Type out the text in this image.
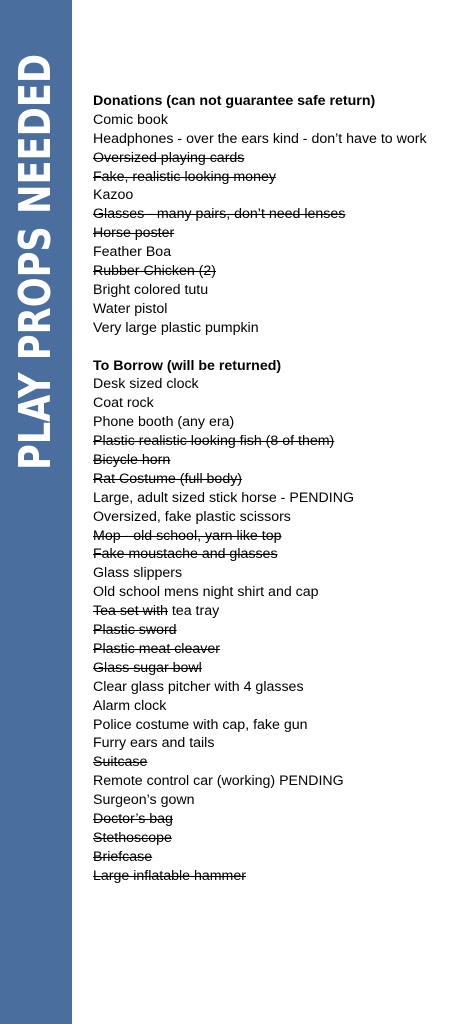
PLAY PROPS NEEDED Donations (can not guarantee safe return)
Comic book
Headphones - over the ears kind - don’t have to work
Oversized playing cards
Fake, realistic looking money
Kazoo
Glasses - many pairs, don’t need lenses
Horse poster
Feather Boa
Rubber Chicken (2)
Bright colored tutu
Water pistol
Very large plastic pumpkin
To Borrow (will be returned)
Desk sized clock
Coat rock
Phone booth (any era)
Plastic realistic looking fish (8 of them)
Bicycle horn
Rat Costume (full body)
Large, adult sized stick horse - PENDING
Oversized, fake plastic scissors
Mop - old school, yarn like top
Fake moustache and glasses
Glass slippers
Old school mens night shirt and cap
Tea set with tea tray
Plastic sword
Plastic meat cleaver
Glass sugar bowl
Clear glass pitcher with 4 glasses
Alarm clock
Police costume with cap, fake gun
Furry ears and tails
Suitcase
Remote control car (working) PENDING
Surgeon’s gown
Doctor’s bag
Stethoscope
Briefcase
Large inflatable hammer
